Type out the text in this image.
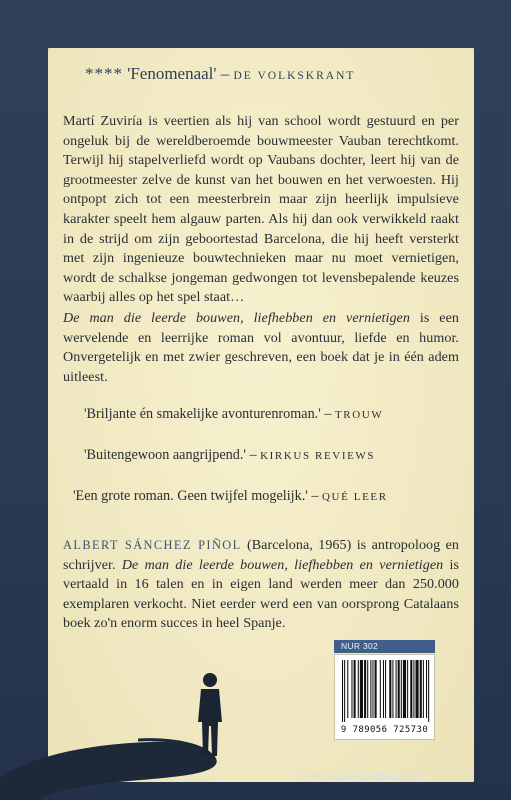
**** 'Fenomenaal' – DE VOLKSKRANT
Martí Zuviría is veertien als hij van school wordt gestuurd en per ongeluk bij de wereldberoemde bouwmeester Vauban terechtkomt. Terwijl hij stapelverliefd wordt op Vaubans dochter, leert hij van de grootmeester zelve de kunst van het bouwen en het verwoesten. Hij ontpopt zich tot een meesterbrein maar zijn heerlijk impulsieve karakter speelt hem algauw parten. Als hij dan ook verwikkeld raakt in de strijd om zijn geboortestad Barcelona, die hij heeft versterkt met zijn ingenieuze bouwtechnieken maar nu moet vernietigen, wordt de schalkse jongeman gedwongen tot levensbepalende keuzes waarbij alles op het spel staat…
De man die leerde bouwen, liefhebben en vernietigen is een wervelende en leerrijke roman vol avontuur, liefde en humor. Onvergetelijk en met zwier geschreven, een boek dat je in één adem uitleest.
'Briljante én smakelijke avonturenroman.' – TROUW
'Buitengewoon aangrijpend.' – KIRKUS REVIEWS
'Een grote roman. Geen twijfel mogelijk.' – QUÉ LEER
ALBERT SÁNCHEZ PIÑOL (Barcelona, 1965) is antropoloog en schrijver. De man die leerde bouwen, liefhebben en vernietigen is vertaald in 16 talen en in eigen land werden meer dan 250.000 exemplaren verkocht. Niet eerder werd een van oorsprong Catalaans boek zo'n enorm succes in heel Spanje.
NUR 302
9 789056 725730
www.uitgeverijsignatuur.nl
